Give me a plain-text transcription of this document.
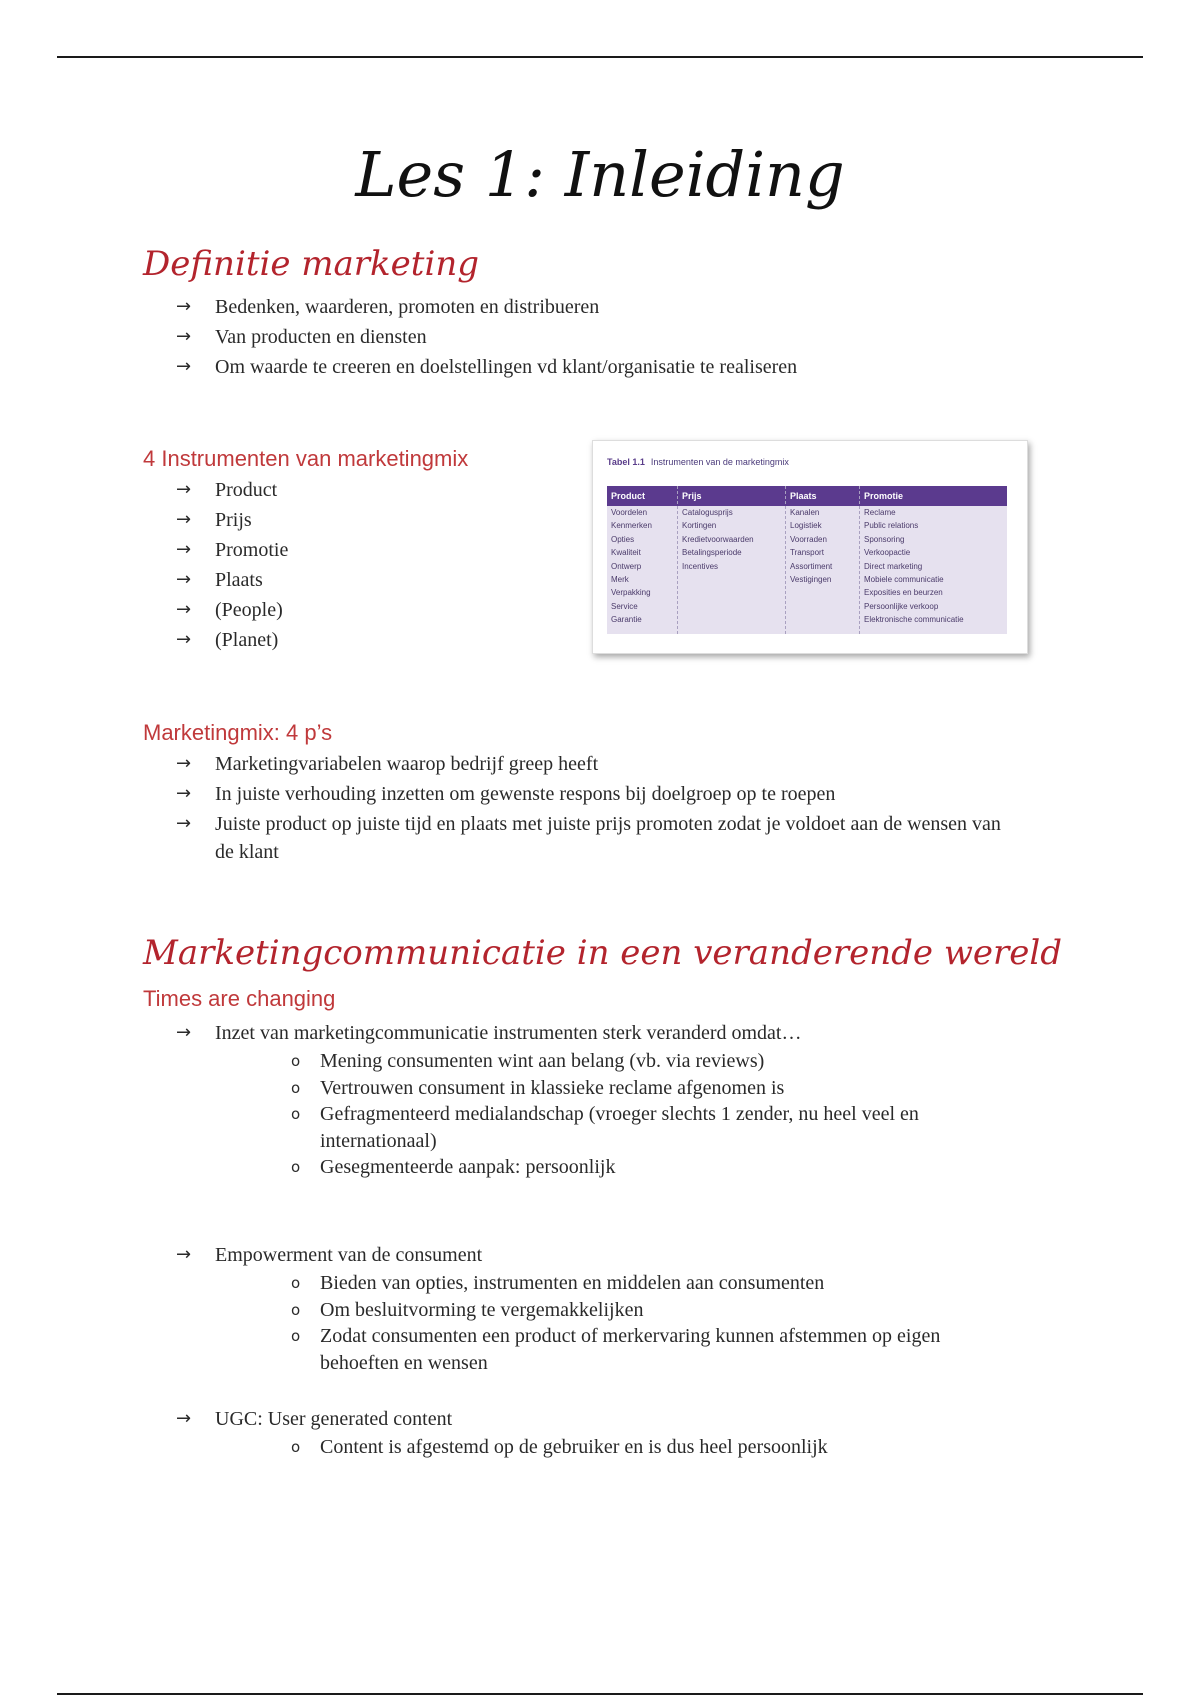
Les 1: Inleiding
Definitie marketing
→ Bedenken, waarderen, promoten en distribueren
→ Van producten en diensten
→ Om waarde te creeren en doelstellingen vd klant/organisatie te realiseren
4 Instrumenten van marketingmix
→ Product
→ Prijs
→ Promotie
→ Plaats
→ (People)
→ (Planet)
Tabel 1.1 Instrumenten van de marketingmix
Product
Voordelen
Kenmerken
Opties
Kwaliteit
Ontwerp
Merk
Verpakking
Service
Garantie
Prijs
Catalogusprijs
Kortingen
Kredietvoorwaarden
Betalingsperiode
Incentives
Plaats
Kanalen
Logistiek
Voorraden
Transport
Assortiment
Vestigingen
Promotie
Reclame
Public relations
Sponsoring
Verkoopactie
Direct marketing
Mobiele communicatie
Exposities en beurzen
Persoonlijke verkoop
Elektronische communicatie
Marketingmix: 4 p’s
→ Marketingvariabelen waarop bedrijf greep heeft
→ In juiste verhouding inzetten om gewenste respons bij doelgroep op te roepen
→ Juiste product op juiste tijd en plaats met juiste prijs promoten zodat je voldoet aan de wensen van de klant
Marketingcommunicatie in een veranderende wereld
Times are changing
→ Inzet van marketingcommunicatie instrumenten sterk veranderd omdat…
o Mening consumenten wint aan belang (vb. via reviews)
o Vertrouwen consument in klassieke reclame afgenomen is
o Gefragmenteerd medialandschap (vroeger slechts 1 zender, nu heel veel en internationaal)
o Gesegmenteerde aanpak: persoonlijk
→ Empowerment van de consument
o Bieden van opties, instrumenten en middelen aan consumenten
o Om besluitvorming te vergemakkelijken
o Zodat consumenten een product of merkervaring kunnen afstemmen op eigen behoeften en wensen
→ UGC: User generated content
o Content is afgestemd op de gebruiker en is dus heel persoonlijk
